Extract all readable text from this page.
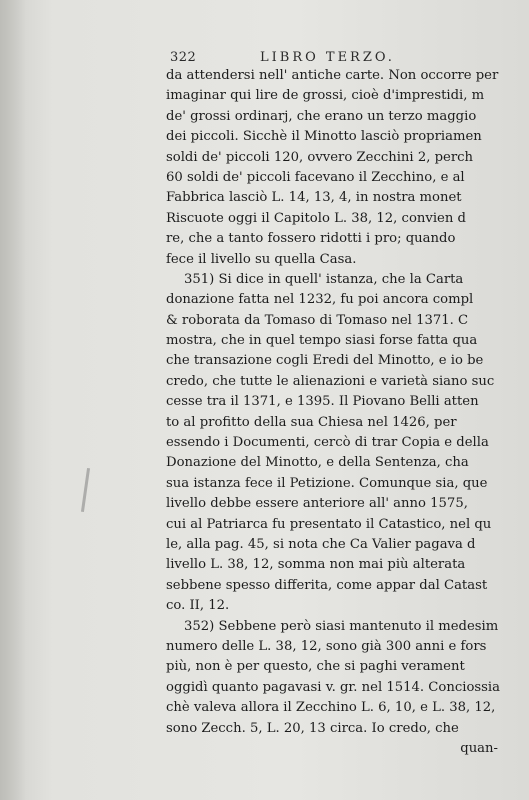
322	LIBRO TERZO.
da attendersi nell' antiche carte. Non occorre per
imaginar qui lire de grossi, cioè d'imprestidi, m
de' grossi ordinarj, che erano un terzo maggio
dei piccoli. Sicchè il Minotto lasciò propriamen
soldi de' piccoli 120, ovvero Zecchini 2, perch
60 soldi de' piccoli facevano il Zecchino, e al
Fabbrica lasciò L. 14, 13, 4, in nostra monet
Riscuote oggi il Capitolo L. 38, 12, convien d
re, che a tanto fossero ridotti i pro; quando
fece il livello su quella Casa.
351) Si dice in quell' istanza, che la Carta
donazione fatta nel 1232, fu poi ancora compl
& roborata da Tomaso di Tomaso nel 1371. C
mostra, che in quel tempo siasi forse fatta qua
che transazione cogli Eredi del Minotto, e io be
credo, che tutte le alienazioni e varietà siano suc
cesse tra il 1371, e 1395. Il Piovano Belli atten
to al profitto della sua Chiesa nel 1426, per
essendo i Documenti, cercò di trar Copia e della
Donazione del Minotto, e della Sentenza, cha
sua istanza fece il Petizione. Comunque sia, que
livello debbe essere anteriore all' anno 1575,
cui al Patriarca fu presentato il Catastico, nel qu
le, alla pag. 45, si nota che Ca Valier pagava d
livello L. 38, 12, somma non mai più alterata
sebbene spesso differita, come appar dal Catast
co. II, 12.
352) Sebbene però siasi mantenuto il medesim
numero delle L. 38, 12, sono già 300 anni e fors
più, non è per questo, che si paghi verament
oggidì quanto pagavasi v. gr. nel 1514. Conciossia
chè valeva allora il Zecchino L. 6, 10, e L. 38, 12,
sono Zecch. 5, L. 20, 13 circa. Io credo, che
quan-
